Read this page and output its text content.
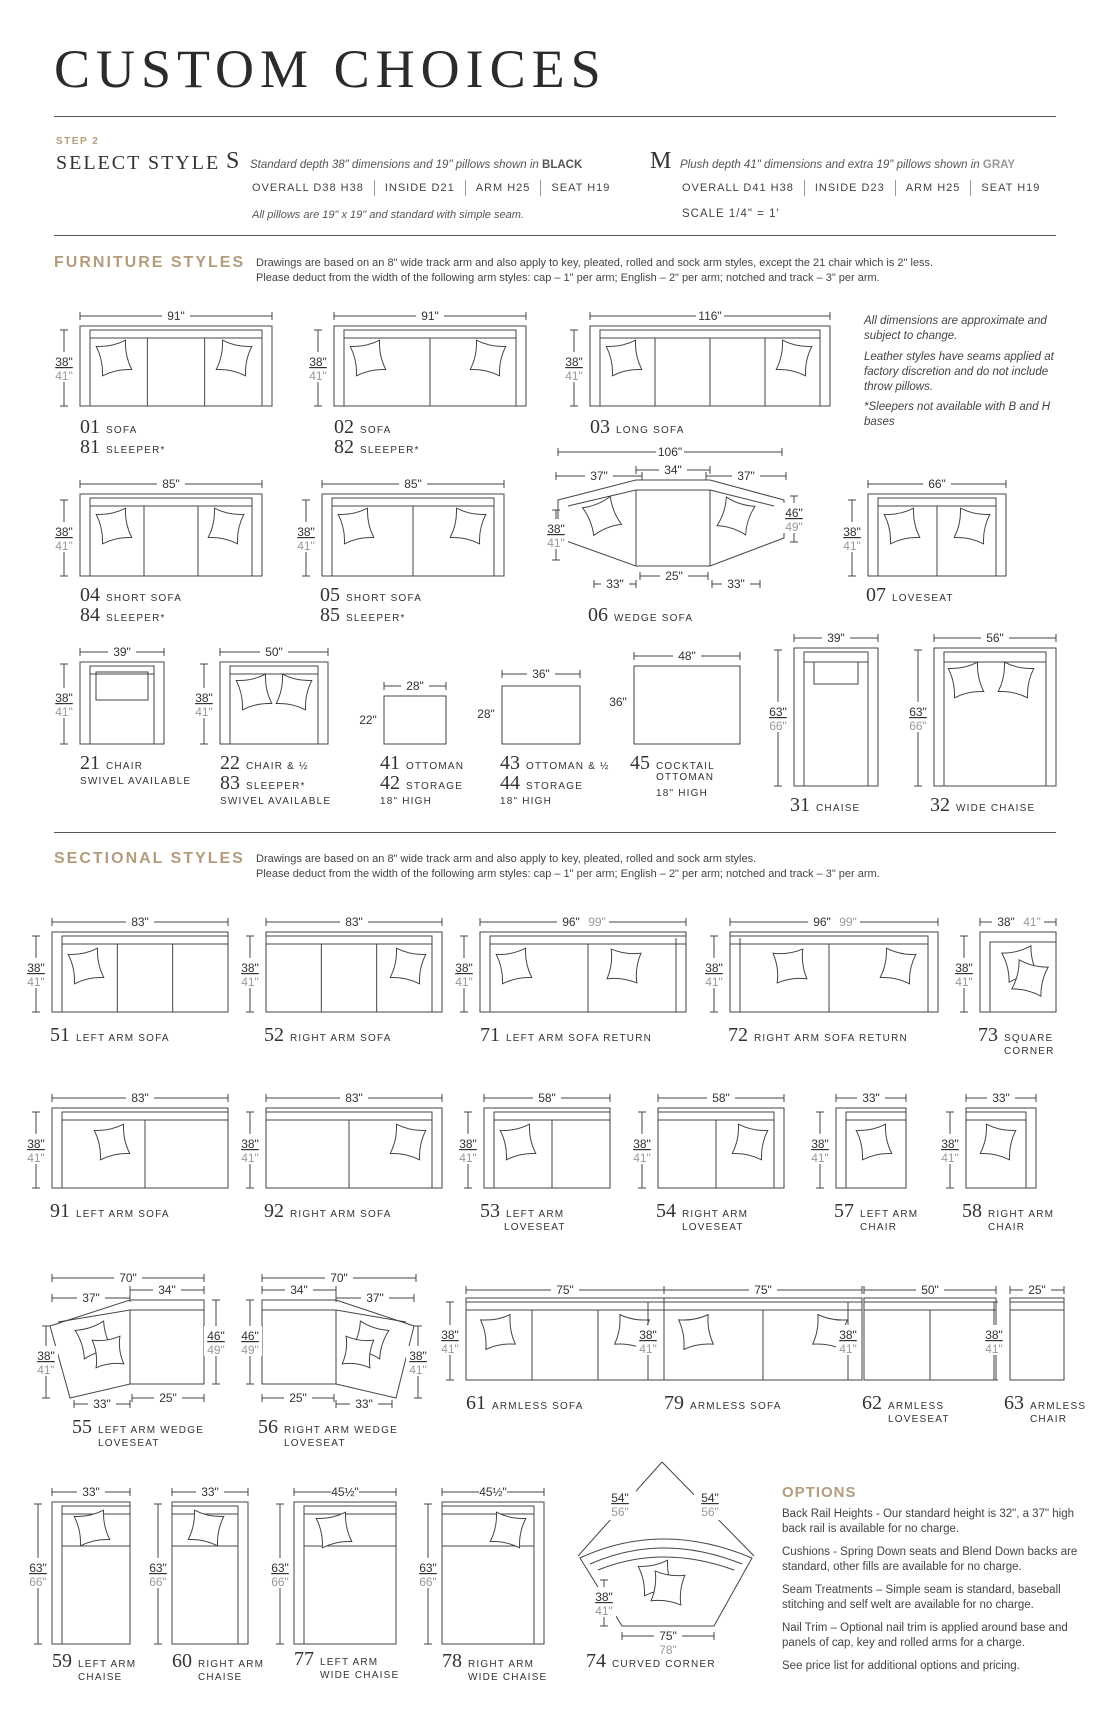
CUSTOM CHOICES
STEP 2
SELECT STYLE S Standard depth 38" dimensions and 19" pillows shown in BLACK
OVERALL D38 H38 INSIDE D21 ARM H25 SEAT H19
All pillows are 19" x 19" and standard with simple seam.
M Plush depth 41" dimensions and extra 19" pillows shown in GRAY
OVERALL D41 H38 INSIDE D23 ARM H25 SEAT H19
SCALE 1/4" = 1'
FURNITURE STYLES Drawings are based on an 8" wide track arm and also apply to key, pleated, rolled and sock arm styles, except the 21 chair which is 2" less.
Please deduct from the width of the following arm styles: cap – 1" per arm; English – 2" per arm; notched and track – 3" per arm.
All dimensions are approximate and subject to change.
Leather styles have seams applied at factory discretion and do not include throw pillows.
*Sleepers not available with B and H bases
91"
38"
41"
91"
38"
41"
116"
38"
41"
85"
38"
41"
85"
38"
41"
106"
37"	34"	37"
38"
41"
46"
49"
33"
25"
33"
66"
38"
41"
39"
38"
41"
50"
38"
41"
28"
22"
36"
28"
48"
36"
39"
63"
66"
56"
63"
66"
83"
38"
41"
83"
38"
41"
96" 99"
38"
41"
96" 99"
38"
41"
38" 41"
38"
41"
83"
38"
41"
83"
38"
41"
58"
38"
41"
58"
38"
41"
33"
38"
41"
33"
38"
41"
70"
37"
34"
38"
41"
46"
49"
33"	25"
70"
34"
37"
46"
49"	38"
41"
25"	33"
75"
38"
41"
75"
38"
41"
50"
38"
41"
25"
38"
41"
33"
63"
66"
33"
63"
66"
45½"
63"
66"
45½"
63"
66"
54"
56"
54"
56"
38"
41"
75"
78"
01 SOFA
81 SLEEPER*
02 SOFA
82 SLEEPER*
03 LONG SOFA
04 SHORT SOFA
84 SLEEPER*
05 SHORT SOFA
85 SLEEPER*	06 WEDGE SOFA
07 LOVESEAT
21 CHAIR
SWIVEL AVAILABLE
22 CHAIR & ½
83 SLEEPER*
SWIVEL AVAILABLE
41 OTTOMAN
42 STORAGE
18" HIGH
43 OTTOMAN & ½
44 STORAGE
18" HIGH
45 COCKTAIL
OTTOMAN
18" HIGH
31 CHAISE	32 WIDE CHAISE
SECTIONAL STYLES Drawings are based on an 8" wide track arm and also apply to key, pleated, rolled and sock arm styles.
Please deduct from the width of the following arm styles: cap – 1" per arm; English – 2" per arm; notched and track – 3" per arm.
51 LEFT ARM SOFA	52 RIGHT ARM SOFA	71 LEFT ARM SOFA RETURN	72 RIGHT ARM SOFA RETURN	73 SQUARE
CORNER
91 LEFT ARM SOFA	92 RIGHT ARM SOFA	53 LEFT ARM
LOVESEAT
54 RIGHT ARM
LOVESEAT
57 LEFT ARM
CHAIR
58 RIGHT ARM
CHAIR
55 LEFT ARM WEDGE
LOVESEAT
56 RIGHT ARM WEDGE
LOVESEAT
61 ARMLESS SOFA	79 ARMLESS SOFA	62 ARMLESS
LOVESEAT
63 ARMLESS
CHAIR
59 LEFT ARM
CHAISE
60 RIGHT ARM
CHAISE
77 LEFT ARM
WIDE CHAISE
78 RIGHT ARM
WIDE CHAISE
74 CURVED CORNER
OPTIONS

Back Rail Heights - Our standard height is 32", a 37" high back rail is available for no charge.

Cushions - Spring Down seats and Blend Down backs are standard, other fills are available for no charge.

Seam Treatments – Simple seam is standard, baseball stitching and self welt are available for no charge.

Nail Trim – Optional nail trim is applied around base and panels of cap, key and rolled arms for a charge.

See price list for additional options and pricing.
